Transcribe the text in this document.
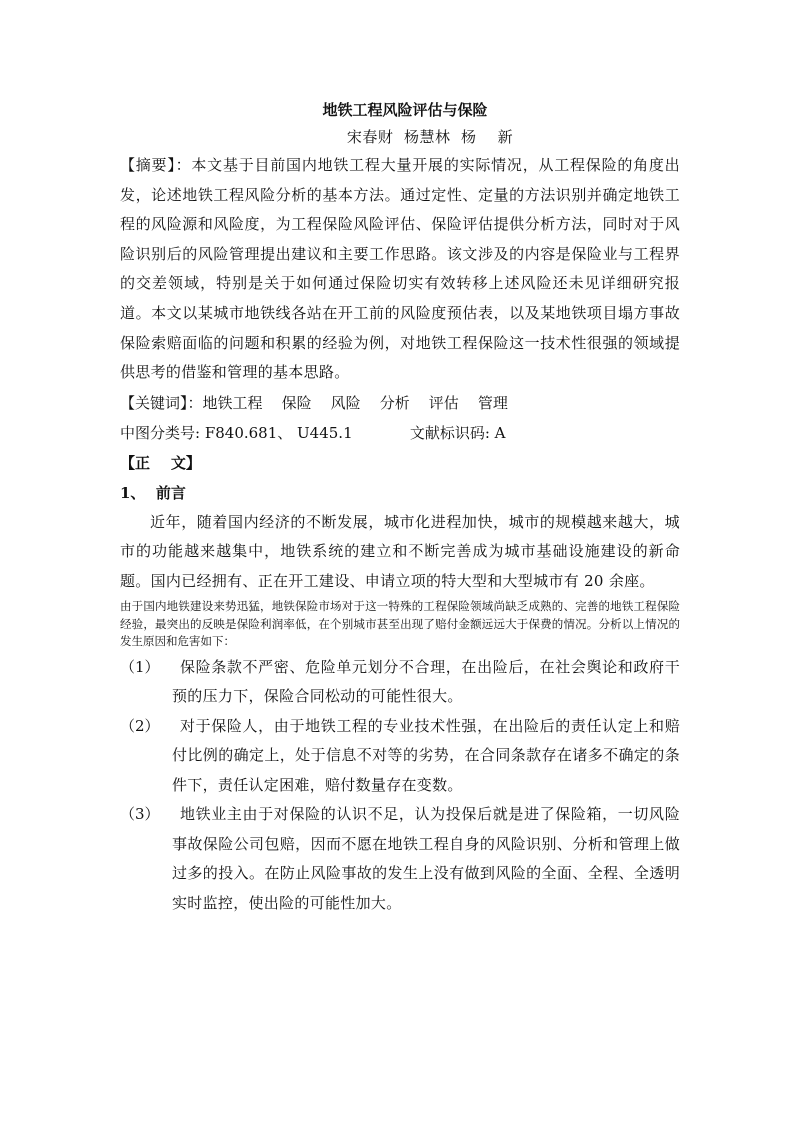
地铁工程风险评估与保险
宋春财  杨慧林  杨    新
【摘要】：本文基于目前国内地铁工程大量开展的实际情况，从工程保险的角度出发，论述地铁工程风险分析的基本方法。通过定性、定量的方法识别并确定地铁工程的风险源和风险度，为工程保险风险评估、保险评估提供分析方法，同时对于风险识别后的风险管理提出建议和主要工作思路。该文涉及的内容是保险业与工程界的交差领域，特别是关于如何通过保险切实有效转移上述风险还未见详细研究报道。本文以某城市地铁线各站在开工前的风险度预估表，以及某地铁项目塌方事故保险索赔面临的问题和积累的经验为例，对地铁工程保险这一技术性很强的领域提供思考的借鉴和管理的基本思路。
【关键词】：地铁工程    保险    风险    分析    评估    管理
中图分类号: F840.681、 U445.1            文献标识码: A
【正    文】
1、  前言
近年，随着国内经济的不断发展，城市化进程加快，城市的规模越来越大，城市的功能越来越集中，地铁系统的建立和不断完善成为城市基础设施建设的新命题。国内已经拥有、正在开工建设、申请立项的特大型和大型城市有 20 余座。
由于国内地铁建设来势迅猛，地铁保险市场对于这一特殊的工程保险领域尚缺乏成熟的、完善的地铁工程保险经验，最突出的反映是保险利润率低，在个别城市甚至出现了赔付金额远远大于保费的情况。分析以上情况的发生原因和危害如下：
（1）	保险条款不严密、危险单元划分不合理，在出险后，在社会舆论和政府干预的压力下，保险合同松动的可能性很大。
（2）	对于保险人，由于地铁工程的专业技术性强，在出险后的责任认定上和赔付比例的确定上，处于信息不对等的劣势，在合同条款存在诸多不确定的条件下，责任认定困难，赔付数量存在变数。
（3）	地铁业主由于对保险的认识不足，认为投保后就是进了保险箱，一切风险事故保险公司包赔，因而不愿在地铁工程自身的风险识别、分析和管理上做过多的投入。在防止风险事故的发生上没有做到风险的全面、全程、全透明实时监控，使出险的可能性加大。
